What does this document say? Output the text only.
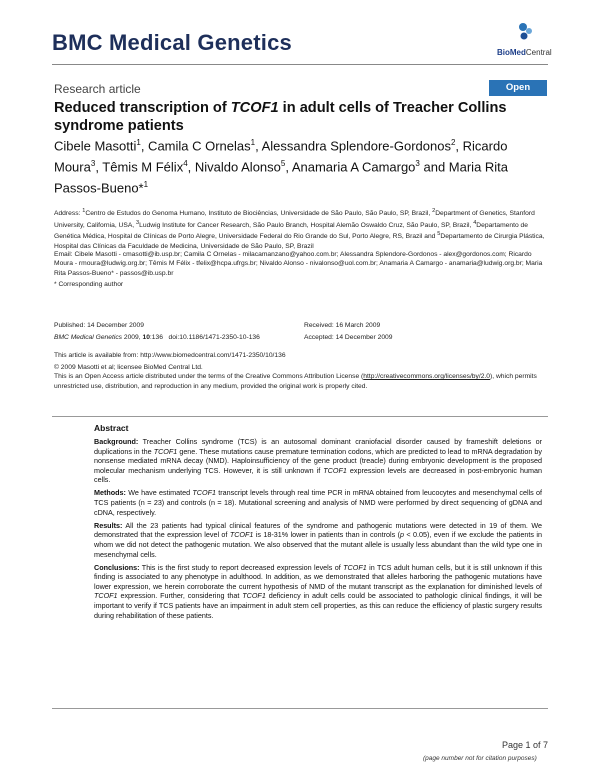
BMC Medical Genetics	BioMedCentral
Research article	Open Access
Reduced transcription of TCOF1 in adult cells of Treacher Collins syndrome patients
Cibele Masotti$^1$, Camila C Ornelas$^1$, Alessandra Splendore-Gordonos$^2$, Ricardo Moura$^3$, Têmis M Félix$^4$, Nivaldo Alonso$^5$, Anamaria A Camargo$^3$ and Maria Rita Passos-Bueno*$^1$
Address: $^1$Centro de Estudos do Genoma Humano, Instituto de Biociências, Universidade de São Paulo, São Paulo, SP, Brazil, $^2$Department of Genetics, Stanford University, California, USA, $^3$Ludwig Institute for Cancer Research, São Paulo Branch, Hospital Alemão Oswaldo Cruz, São Paulo, SP, Brazil, $^4$Departamento de Genética Médica, Hospital de Clínicas de Porto Alegre, Universidade Federal do Rio Grande do Sul, Porto Alegre, RS, Brazil and $^5$Departamento de Cirurgia Plástica, Hospital das Clínicas da Faculdade de Medicina, Universidade de São Paulo, SP, Brazil
Email: Cibele Masotti - cmasotti@ib.usp.br; Camila C Ornelas - milacamanzano@yahoo.com.br; Alessandra Splendore-Gordonos - alex@gordonos.com; Ricardo Moura - rmoura@ludwig.org.br; Têmis M Félix - tfelix@hcpa.ufrgs.br; Nivaldo Alonso - nivalonso@uol.com.br; Anamaria A Camargo - anamaria@ludwig.org.br; Maria Rita Passos-Bueno* - passos@ib.usp.br
* Corresponding author
Published: 14 December 2009
BMC Medical Genetics 2009, 10:136   doi:10.1186/1471-2350-10-136
Received: 16 March 2009
Accepted: 14 December 2009
This article is available from: http://www.biomedcentral.com/1471-2350/10/136
© 2009 Masotti et al; licensee BioMed Central Ltd.
This is an Open Access article distributed under the terms of the Creative Commons Attribution License (http://creativecommons.org/licenses/by/2.0), which permits unrestricted use, distribution, and reproduction in any medium, provided the original work is properly cited.
Abstract

Background: Treacher Collins syndrome (TCS) is an autosomal dominant craniofacial disorder caused by frameshift deletions or duplications in the TCOF1 gene. These mutations cause premature termination codons, which are predicted to lead to mRNA degradation by nonsense mediated mRNA decay (NMD). Haploinsufficiency of the gene product (treacle) during embryonic development is the proposed molecular mechanism underlying TCS. However, it is still unknown if TCOF1 expression levels are decreased in post-embryonic human cells.

Methods: We have estimated TCOF1 transcript levels through real time PCR in mRNA obtained from leucocytes and mesenchymal cells of TCS patients (n = 23) and controls (n = 18). Mutational screening and analysis of NMD were performed by direct sequencing of gDNA and cDNA, respectively.

Results: All the 23 patients had typical clinical features of the syndrome and pathogenic mutations were detected in 19 of them. We demonstrated that the expression level of TCOF1 is 18-31% lower in patients than in controls (p < 0.05), even if we exclude the patients in whom we did not detect the pathogenic mutation. We also observed that the mutant allele is usually less abundant than the wild type one in mesenchymal cells.

Conclusions: This is the first study to report decreased expression levels of TCOF1 in TCS adult human cells, but it is still unknown if this finding is associated to any phenotype in adulthood. In addition, as we demonstrated that alleles harboring the pathogenic mutations have lower expression, we herein corroborate the current hypothesis of NMD of the mutant transcript as the explanation for diminished levels of TCOF1 expression. Further, considering that TCOF1 deficiency in adult cells could be associated to pathologic clinical findings, it will be important to verify if TCS patients have an impairment in adult stem cell properties, as this can reduce the efficiency of plastic surgery results during rehabilitation of these patients.

Page 1 of 7
(page number not for citation purposes)
